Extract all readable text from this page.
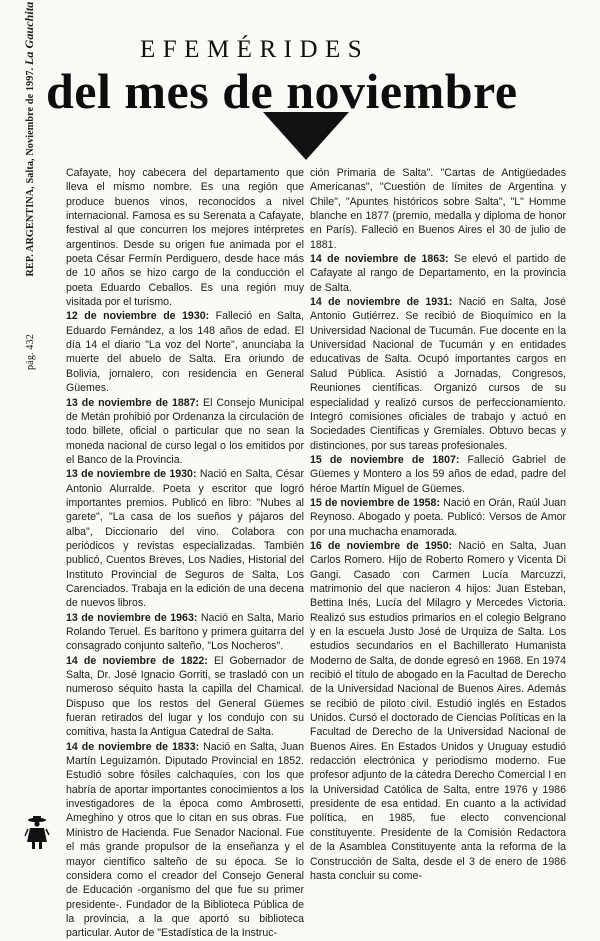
pág. 432 REP. ARGENTINA, Salta, Noviembre de 1997. La Gauchita	EFEMÉRIDES
del mes de noviembre

Cafayate, hoy cabecera del departamento que lleva el mismo nombre. Es una región que produce buenos vinos, reconocidos a nivel internacional. Famosa es su Serenata a Cafayate, festival al que concurren los mejores intérpretes argentinos. Desde su origen fue animada por el poeta César Fermín Perdiguero, desde hace más de 10 años se hizo cargo de la conducción el poeta Eduardo Ceballos. Es una región muy visitada por el turismo.

12 de noviembre de 1930: Falleció en Salta, Eduardo Fernández, a los 148 años de edad. El día 14 el diario "La voz del Norte", anunciaba la muerte del abuelo de Salta. Era oriundo de Bolivia, jornalero, con residencia en General Güemes.

13 de noviembre de 1887: El Consejo Municipal de Metán prohibió por Ordenanza la circulación de todo billete, oficial o particular que no sean la moneda nacional de curso legal o los emitidos por el Banco de la Provincia.

13 de noviembre de 1930: Nació en Salta, César Antonio Alurralde. Poeta y escritor que logró importantes premios. Publicó en libro: "Nubes al garete", "La casa de los sueños y pájaros del alba", Diccionario del vino. Colabora con periódicos y revistas especializadas. También publicó, Cuentos Breves, Los Nadies, Historial del Instituto Provincial de Seguros de Salta, Los Carenciados. Trabaja en la edición de una decena de nuevos libros.

13 de noviembre de 1963: Nació en Salta, Mario Rolando Teruel. Es barítono y primera guitarra del consagrado conjunto salteño, "Los Nocheros".

14 de noviembre de 1822: El Gobernador de Salta, Dr. José Ignacio Gorriti, se trasladó con un numeroso séquito hasta la capilla del Chamical. Dispuso que los restos del General Güemes fueran retirados del lugar y los condujo con su comitiva, hasta la Antigua Catedral de Salta.

14 de noviembre de 1833: Nació en Salta, Juan Martín Leguizamón. Diputado Provincial en 1852. Estudió sobre fósiles calchaquíes, con los que habría de aportar importantes conocimientos a los investigadores de la época como Ambrosetti, Ameghino y otros que lo citan en sus obras. Fue Ministro de Hacienda. Fue Senador Nacional. Fue el más grande propulsor de la enseñanza y el mayor científico salteño de su época. Se lo considera como el creador del Consejo General de Educación -organismo del que fue su primer presidente-. Fundador de la Biblioteca Pública de la provincia, a la que aportó su biblioteca particular. Autor de "Estadística de la Instruc-

ción Primaria de Salta". "Cartas de Antigüedades Americanas", "Cuestión de límites de Argentina y Chile", "Apuntes históricos sobre Salta", "L" Homme blanche en 1877 (premio, medalla y diploma de honor en París). Falleció en Buenos Aires el 30 de julio de 1881.

14 de noviembre de 1863: Se elevó el partido de Cafayate al rango de Departamento, en la provincia de Salta.

14 de noviembre de 1931: Nació en Salta, José Antonio Gutiérrez. Se recibió de Bioquímico en la Universidad Nacional de Tucumán. Fue docente en la Universidad Nacional de Tucumán y en entidades educativas de Salta. Ocupó importantes cargos en Salud Pública. Asistió a Jornadas, Congresos, Reuniones científicas. Organizó cursos de su especialidad y realizó cursos de perfeccionamiento. Integró comisiones oficiales de trabajo y actuó en Sociedades Científicas y Gremiales. Obtuvo becas y distinciones, por sus tareas profesionales.

15 de noviembre de 1807: Falleció Gabriel de Güemes y Montero a los 59 años de edad, padre del héroe Martín Miguel de Güemes.

15 de noviembre de 1958: Nació en Orán, Raúl Juan Reynoso. Abogado y poeta. Publicó: Versos de Amor por una muchacha enamorada.

16 de noviembre de 1950: Nació en Salta, Juan Carlos Romero. Hijo de Roberto Romero y Vicenta Di Gangi. Casado con Carmen Lucía Marcuzzi, matrimonio del que nacieron 4 hijos: Juan Esteban, Bettina Inés, Lucía del Milagro y Mercedes Victoria. Realizó sus estudios primarios en el colegio Belgrano y en la escuela Justo José de Urquiza de Salta. Los estudios secundarios en el Bachillerato Humanista Moderno de Salta, de donde egresó en 1968. En 1974 recibió el título de abogado en la Facultad de Derecho de la Universidad Nacional de Buenos Aires. Además se recibió de piloto civil. Estudió inglés en Estados Unidos. Cursó el doctorado de Ciencias Políticas en la Facultad de Derecho de la Universidad Nacional de Buenos Aires. En Estados Unidos y Uruguay estudió redacción electrónica y periodismo moderno. Fue profesor adjunto de la cátedra Derecho Comercial I en la Universidad Católica de Salta, entre 1976 y 1986 presidente de esa entidad. En cuanto a la actividad política, en 1985, fue electo convencional constituyente. Presidente de la Comisión Redactora de la Asamblea Constituyente anta la reforma de la Construcción de Salta, desde el 3 de enero de 1986 hasta concluir su come-
